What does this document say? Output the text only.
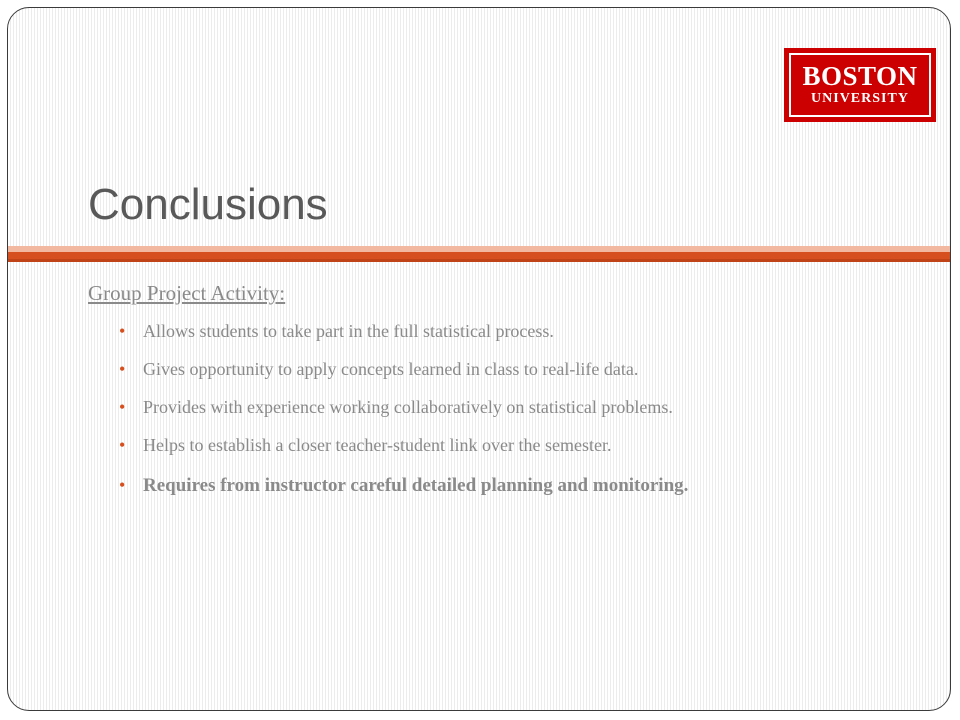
BOSTON
UNIVERSITY
Conclusions
Group Project Activity:
• Allows students to take part in the full statistical process.
• Gives opportunity to apply concepts learned in class to real-life data.
• Provides with experience working collaboratively on statistical problems.
• Helps to establish a closer teacher-student link over the semester.
• Requires from instructor careful detailed planning and monitoring.
